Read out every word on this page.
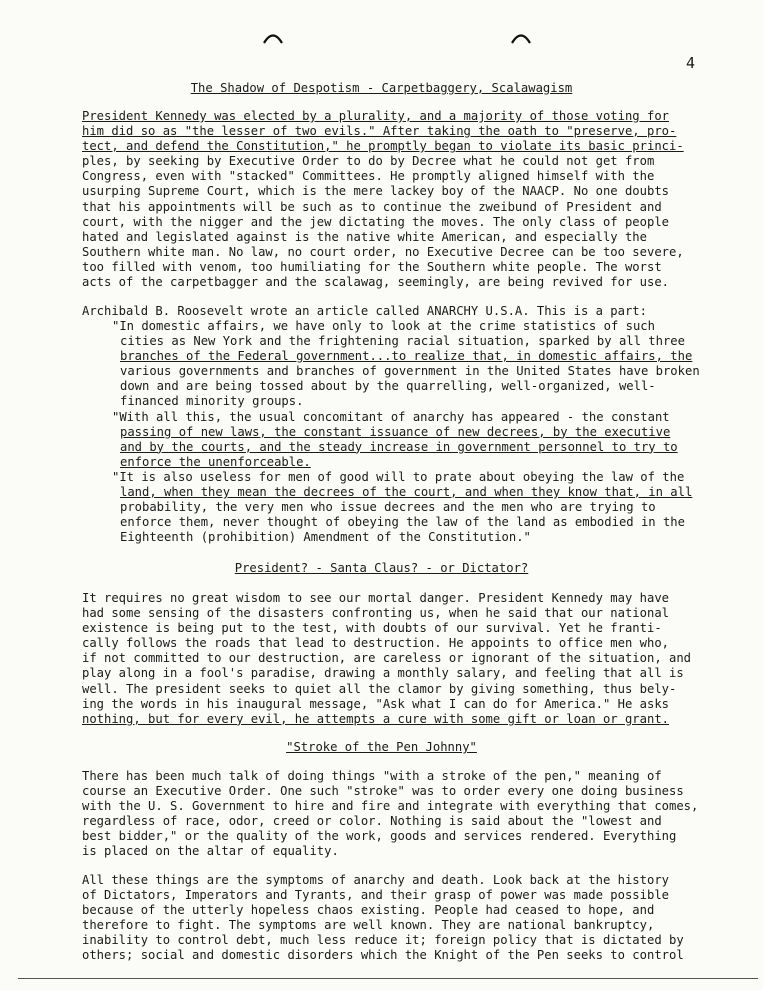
4
The Shadow of Despotism - Carpetbaggery, Scalawagism
President Kennedy was elected by a plurality, and a majority of those voting for
him did so as "the lesser of two evils." After taking the oath to "preserve, pro-
tect, and defend the Constitution," he promptly began to violate its basic princi-
ples, by seeking by Executive Order to do by Decree what he could not get from
Congress, even with "stacked" Committees. He promptly aligned himself with the
usurping Supreme Court, which is the mere lackey boy of the NAACP. No one doubts
that his appointments will be such as to continue the zweibund of President and
court, with the nigger and the jew dictating the moves. The only class of people
hated and legislated against is the native white American, and especially the
Southern white man. No law, no court order, no Executive Decree can be too severe,
too filled with venom, too humiliating for the Southern white people. The worst
acts of the carpetbagger and the scalawag, seemingly, are being revived for use.
Archibald B. Roosevelt wrote an article called ANARCHY U.S.A. This is a part:
"In domestic affairs, we have only to look at the crime statistics of such
cities as New York and the frightening racial situation, sparked by all three
branches of the Federal government...to realize that, in domestic affairs, the
various governments and branches of government in the United States have broken
down and are being tossed about by the quarrelling, well-organized, well-
financed minority groups.
"With all this, the usual concomitant of anarchy has appeared - the constant
passing of new laws, the constant issuance of new decrees, by the executive
and by the courts, and the steady increase in government personnel to try to
enforce the unenforceable.
"It is also useless for men of good will to prate about obeying the law of the
land, when they mean the decrees of the court, and when they know that, in all
probability, the very men who issue decrees and the men who are trying to
enforce them, never thought of obeying the law of the land as embodied in the
Eighteenth (prohibition) Amendment of the Constitution."
President? - Santa Claus? - or Dictator?
It requires no great wisdom to see our mortal danger. President Kennedy may have
had some sensing of the disasters confronting us, when he said that our national
existence is being put to the test, with doubts of our survival. Yet he franti-
cally follows the roads that lead to destruction. He appoints to office men who,
if not committed to our destruction, are careless or ignorant of the situation, and
play along in a fool's paradise, drawing a monthly salary, and feeling that all is
well. The president seeks to quiet all the clamor by giving something, thus bely-
ing the words in his inaugural message, "Ask what I can do for America." He asks
nothing, but for every evil, he attempts a cure with some gift or loan or grant.
"Stroke of the Pen Johnny"
There has been much talk of doing things "with a stroke of the pen," meaning of
course an Executive Order. One such "stroke" was to order every one doing business
with the U. S. Government to hire and fire and integrate with everything that comes,
regardless of race, odor, creed or color. Nothing is said about the "lowest and
best bidder," or the quality of the work, goods and services rendered. Everything
is placed on the altar of equality.
All these things are the symptoms of anarchy and death. Look back at the history
of Dictators, Imperators and Tyrants, and their grasp of power was made possible
because of the utterly hopeless chaos existing. People had ceased to hope, and
therefore to fight. The symptoms are well known. They are national bankruptcy,
inability to control debt, much less reduce it; foreign policy that is dictated by
others; social and domestic disorders which the Knight of the Pen seeks to control
